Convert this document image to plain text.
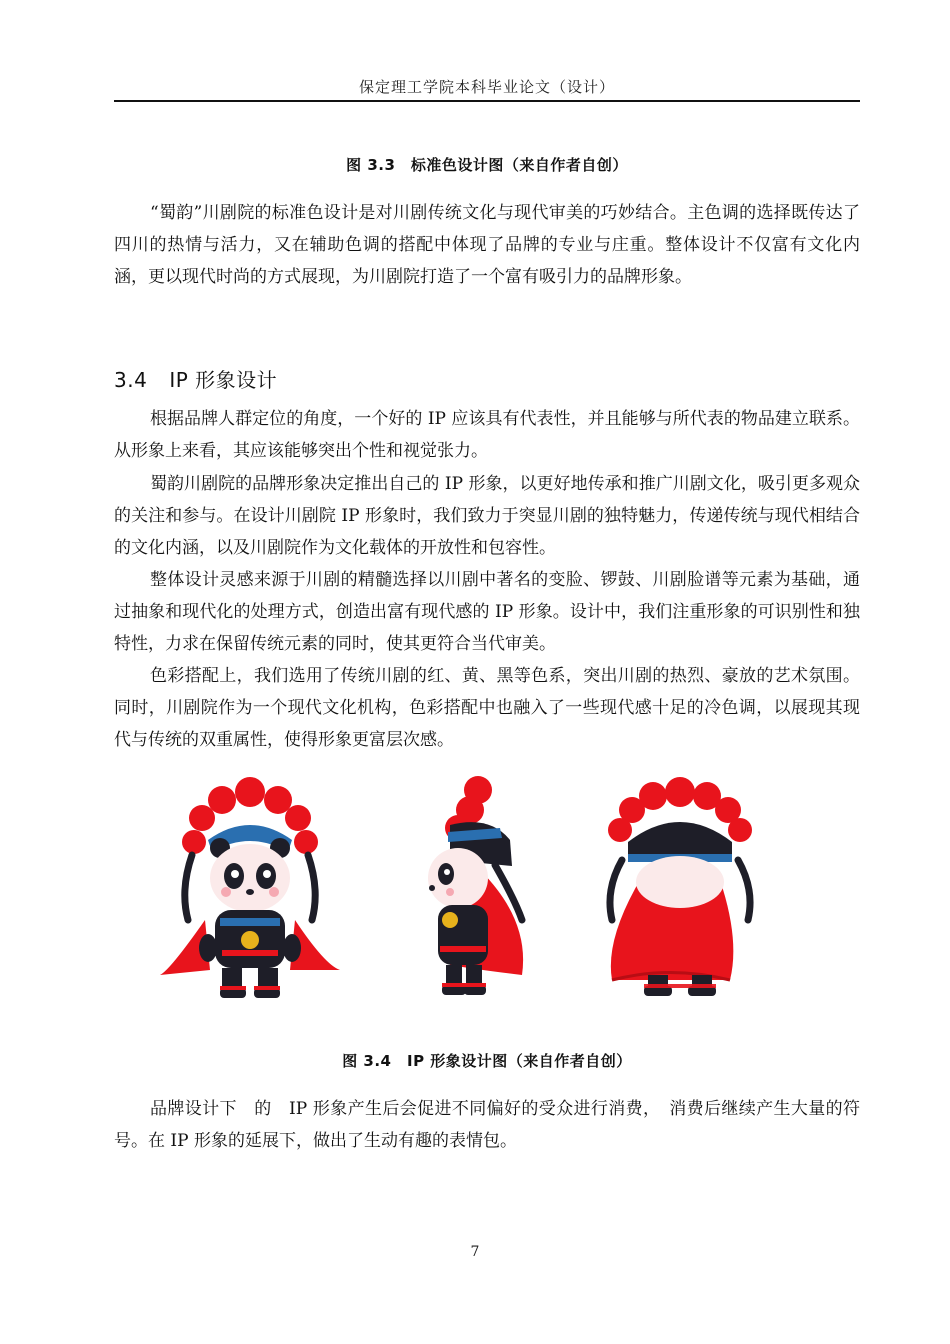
保定理工学院本科毕业论文（设计）
图 3.3　标准色设计图（来自作者自创）

“蜀韵”川剧院的标准色设计是对川剧传统文化与现代审美的巧妙结合。主色调的选择既传达了四川的热情与活力，又在辅助色调的搭配中体现了品牌的专业与庄重。整体设计不仅富有文化内涵，更以现代时尚的方式展现，为川剧院打造了一个富有吸引力的品牌形象。

3.4 IP 形象设计

根据品牌人群定位的角度，一个好的 IP 应该具有代表性，并且能够与所代表的物品建立联系。从形象上来看，其应该能够突出个性和视觉张力。

蜀韵川剧院的品牌形象决定推出自己的 IP 形象，以更好地传承和推广川剧文化，吸引更多观众的关注和参与。在设计川剧院 IP 形象时，我们致力于突显川剧的独特魅力，传递传统与现代相结合的文化内涵，以及川剧院作为文化载体的开放性和包容性。

整体设计灵感来源于川剧的精髓选择以川剧中著名的变脸、锣鼓、川剧脸谱等元素为基础，通过抽象和现代化的处理方式，创造出富有现代感的 IP 形象。设计中，我们注重形象的可识别性和独特性，力求在保留传统元素的同时，使其更符合当代审美。

色彩搭配上，我们选用了传统川剧的红、黄、黑等色系，突出川剧的热烈、豪放的艺术氛围。同时，川剧院作为一个现代文化机构，色彩搭配中也融入了一些现代感十足的冷色调，以展现其现代与传统的双重属性，使得形象更富层次感。

图 3.4　IP 形象设计图（来自作者自创）

品牌设计下　的　IP 形象产生后会促进不同偏好的受众进行消费，　消费后继续产生大量的符号。在 IP 形象的延展下，做出了生动有趣的表情包。

7
